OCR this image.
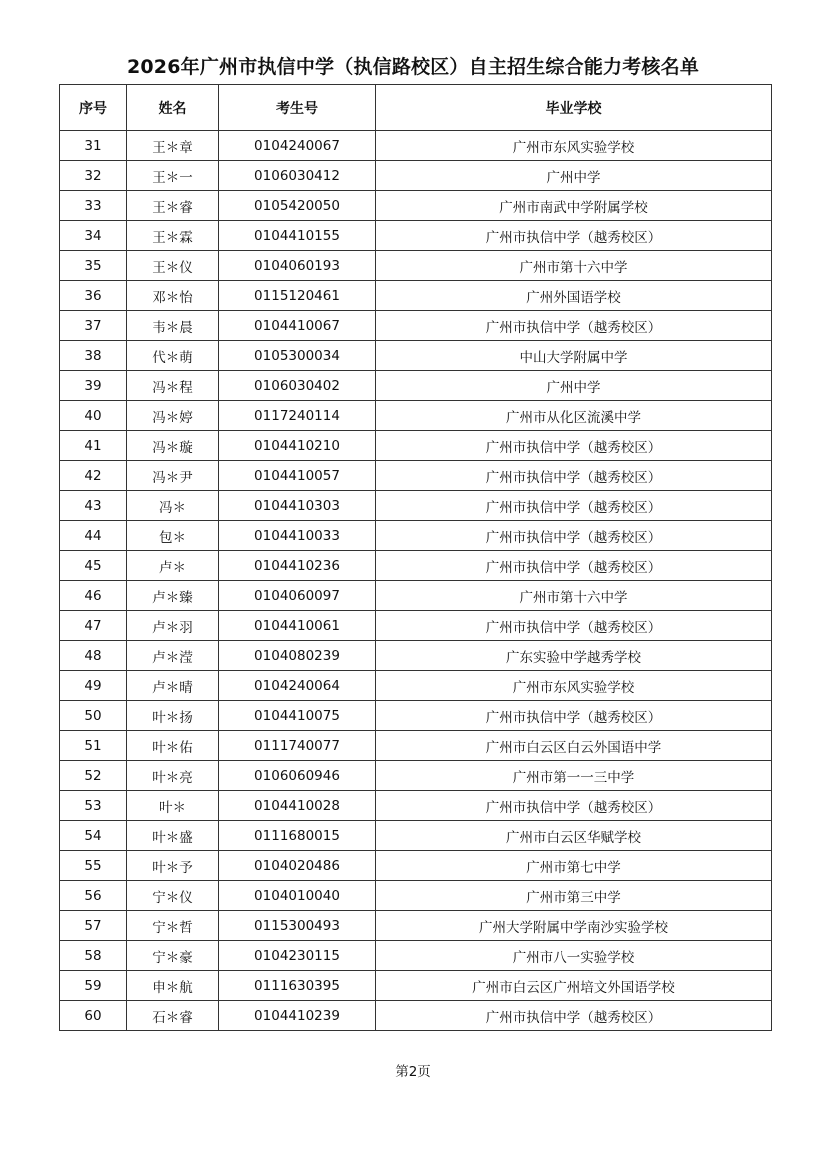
2026年广州市执信中学（执信路校区）自主招生综合能力考核名单
序号	姓名	考生号	毕业学校
31	王＊章	0104240067	广州市东风实验学校
32	王＊一	0106030412	广州中学
33	王＊睿	0105420050	广州市南武中学附属学校
34	王＊霖	0104410155	广州市执信中学（越秀校区）
35	王＊仪	0104060193	广州市第十六中学
36	邓＊怡	0115120461	广州外国语学校
37	韦＊晨	0104410067	广州市执信中学（越秀校区）
38	代＊萌	0105300034	中山大学附属中学
39	冯＊程	0106030402	广州中学
40	冯＊婷	0117240114	广州市从化区流溪中学
41	冯＊璇	0104410210	广州市执信中学（越秀校区）
42	冯＊尹	0104410057	广州市执信中学（越秀校区）
43	冯＊	0104410303	广州市执信中学（越秀校区）
44	包＊	0104410033	广州市执信中学（越秀校区）
45	卢＊	0104410236	广州市执信中学（越秀校区）
46	卢＊臻	0104060097	广州市第十六中学
47	卢＊羽	0104410061	广州市执信中学（越秀校区）
48	卢＊滢	0104080239	广东实验中学越秀学校
49	卢＊晴	0104240064	广州市东风实验学校
50	叶＊扬	0104410075	广州市执信中学（越秀校区）
51	叶＊佑	0111740077	广州市白云区白云外国语中学
52	叶＊亮	0106060946	广州市第一一三中学
53	叶＊	0104410028	广州市执信中学（越秀校区）
54	叶＊盛	0111680015	广州市白云区华赋学校
55	叶＊予	0104020486	广州市第七中学
56	宁＊仪	0104010040	广州市第三中学
57	宁＊哲	0115300493	广州大学附属中学南沙实验学校
58	宁＊豪	0104230115	广州市八一实验学校
59	申＊航	0111630395	广州市白云区广州培文外国语学校
60	石＊睿	0104410239	广州市执信中学（越秀校区）
第2页
